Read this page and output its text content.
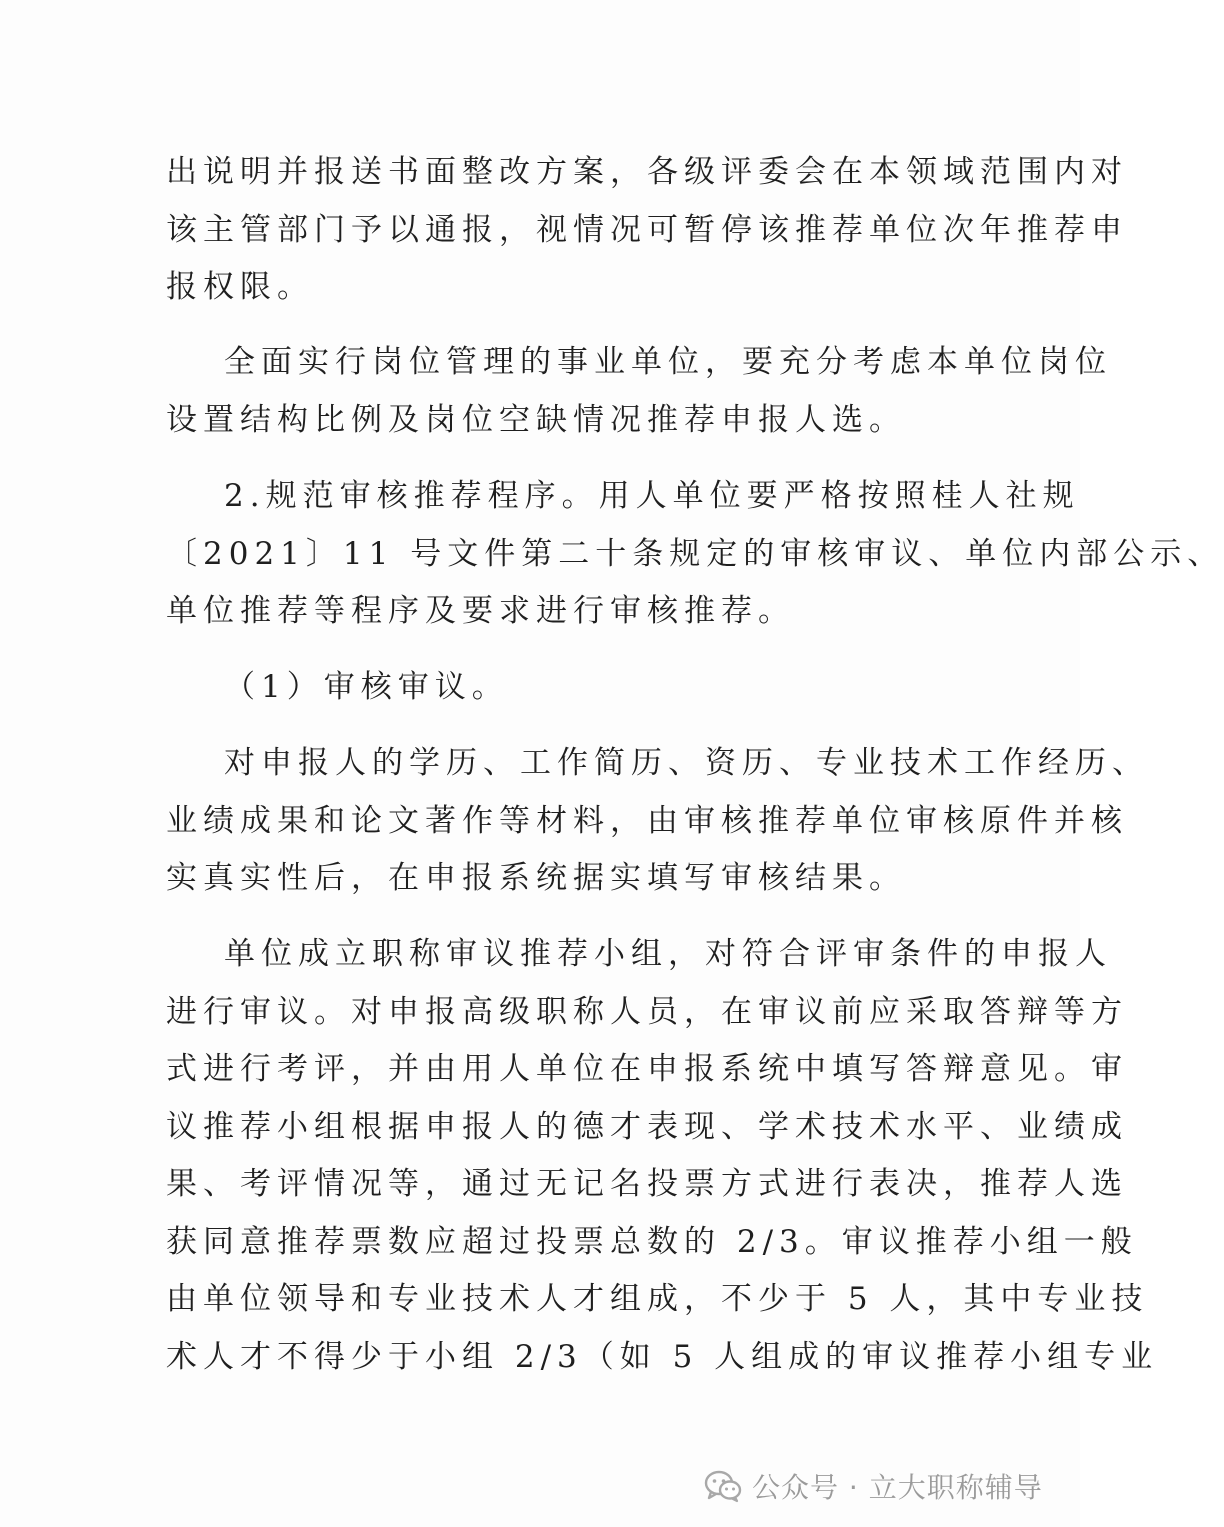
出说明并报送书面整改方案，各级评委会在本领域范围内对
该主管部门予以通报，视情况可暂停该推荐单位次年推荐申
报权限。
全面实行岗位管理的事业单位，要充分考虑本单位岗位
设置结构比例及岗位空缺情况推荐申报人选。
2.规范审核推荐程序。用人单位要严格按照桂人社规
〔2021〕11 号文件第二十条规定的审核审议、单位内部公示、
单位推荐等程序及要求进行审核推荐。
（1）审核审议。
对申报人的学历、工作简历、资历、专业技术工作经历、
业绩成果和论文著作等材料，由审核推荐单位审核原件并核
实真实性后，在申报系统据实填写审核结果。
单位成立职称审议推荐小组，对符合评审条件的申报人
进行审议。对申报高级职称人员，在审议前应采取答辩等方
式进行考评，并由用人单位在申报系统中填写答辩意见。审
议推荐小组根据申报人的德才表现、学术技术水平、业绩成
果、考评情况等，通过无记名投票方式进行表决，推荐人选
获同意推荐票数应超过投票总数的 2/3。审议推荐小组一般
由单位领导和专业技术人才组成，不少于 5 人，其中专业技
术人才不得少于小组 2/3（如 5 人组成的审议推荐小组专业
公众号 · 立大职称辅导
